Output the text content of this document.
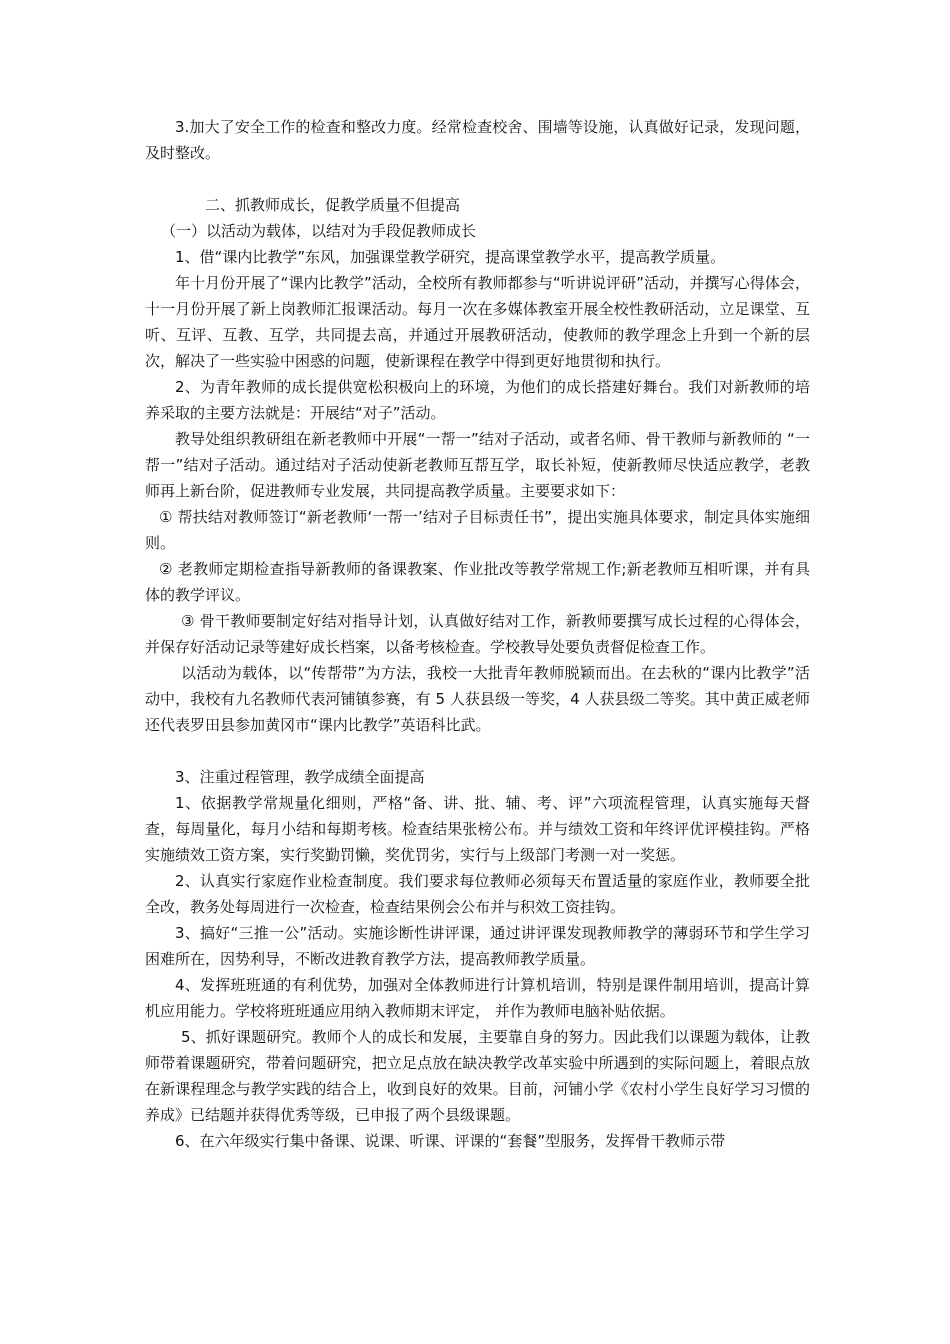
3.加大了安全工作的检查和整改力度。经常检查校舍、围墙等设施，认真做好记录，发现问题，及时整改。

二、抓教师成长，促教学质量不但提高

（一）以活动为载体，以结对为手段促教师成长

1、借“课内比教学”东风，加强课堂教学研究，提高课堂教学水平，提高教学质量。

年十月份开展了“课内比教学”活动，全校所有教师都参与“听讲说评研”活动，并撰写心得体会，十一月份开展了新上岗教师汇报课活动。每月一次在多媒体教室开展全校性教研活动，立足课堂、互听、互评、互教、互学，共同提去高，并通过开展教研活动，使教师的教学理念上升到一个新的层次，解决了一些实验中困惑的问题，使新课程在教学中得到更好地贯彻和执行。

2、为青年教师的成长提供宽松积极向上的环境，为他们的成长搭建好舞台。我们对新教师的培养采取的主要方法就是：开展结“对子”活动。

教导处组织教研组在新老教师中开展“一帮一”结对子活动，或者名师、骨干教师与新教师的 “一帮一”结对子活动。通过结对子活动使新老教师互帮互学，取长补短，使新教师尽快适应教学，老教师再上新台阶，促进教师专业发展，共同提高教学质量。主要要求如下：

① 帮扶结对教师签订“新老教师‘一帮一’结对子目标责任书”，提出实施具体要求，制定具体实施细则。

② 老教师定期检查指导新教师的备课教案、作业批改等教学常规工作;新老教师互相听课，并有具体的教学评议。

③ 骨干教师要制定好结对指导计划，认真做好结对工作，新教师要撰写成长过程的心得体会，并保存好活动记录等建好成长档案，以备考核检查。学校教导处要负责督促检查工作。

以活动为载体，以“传帮带”为方法，我校一大批青年教师脱颖而出。在去秋的“课内比教学”活动中，我校有九名教师代表河铺镇参赛，有 5 人获县级一等奖，4 人获县级二等奖。其中黄正威老师还代表罗田县参加黄冈市“课内比教学”英语科比武。

3、注重过程管理，教学成绩全面提高

1、依据教学常规量化细则，严格“备、讲、批、辅、考、评”六项流程管理，认真实施每天督查，每周量化，每月小结和每期考核。检查结果张榜公布。并与绩效工资和年终评优评模挂钩。严格实施绩效工资方案，实行奖勤罚懒，奖优罚劣，实行与上级部门考测一对一奖惩。

2、认真实行家庭作业检查制度。我们要求每位教师必须每天布置适量的家庭作业，教师要全批全改，教务处每周进行一次检查，检查结果例会公布并与积效工资挂钩。

3、搞好“三推一公”活动。实施诊断性讲评课，通过讲评课发现教师教学的薄弱环节和学生学习困难所在，因势利导，不断改进教育教学方法，提高教师教学质量。

4、发挥班班通的有利优势，加强对全体教师进行计算机培训，特别是课件制用培训，提高计算机应用能力。学校将班班通应用纳入教师期末评定， 并作为教师电脑补贴依据。

5、抓好课题研究。教师个人的成长和发展，主要靠自身的努力。因此我们以课题为载体，让教师带着课题研究，带着问题研究，把立足点放在缺决教学改革实验中所遇到的实际问题上，着眼点放在新课程理念与教学实践的结合上，收到良好的效果。目前，河铺小学《农村小学生良好学习习惯的养成》已结题并获得优秀等级，已申报了两个县级课题。

6、在六年级实行集中备课、说课、听课、评课的“套餐”型服务，发挥骨干教师示带
